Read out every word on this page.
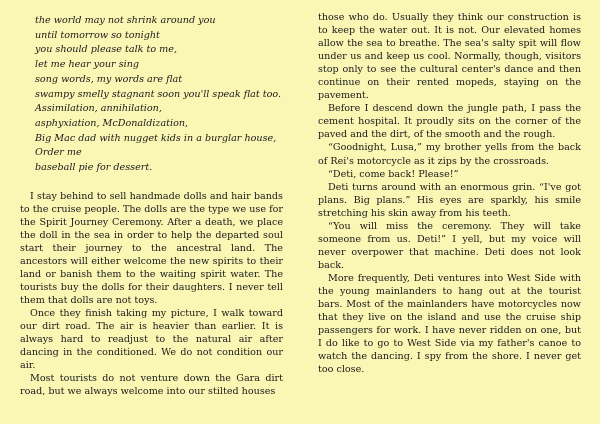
the world may not shrink around you
until tomorrow so tonight
you should please talk to me,
let me hear your sing
song words, my words are flat
swampy smelly stagnant soon you'll speak flat too.
Assimilation, annihilation,
asphyxiation, McDonaldization,
Big Mac dad with nugget kids in a burglar house,
Order me
baseball pie for dessert.

I stay behind to sell handmade dolls and hair bands to the cruise people. The dolls are the type we use for the Spirit Journey Ceremony. After a death, we place the doll in the sea in order to help the departed soul start their journey to the ancestral land. The ancestors will either welcome the new spirits to their land or banish them to the waiting spirit water. The tourists buy the dolls for their daughters. I never tell them that dolls are not toys.

Once they finish taking my picture, I walk toward our dirt road. The air is heavier than earlier. It is always hard to readjust to the natural air after dancing in the conditioned. We do not condition our air.

Most tourists do not venture down the Gara dirt road, but we always welcome into our stilted houses

those who do. Usually they think our construction is to keep the water out. It is not. Our elevated homes allow the sea to breathe. The sea's salty spit will flow under us and keep us cool. Normally, though, visitors stop only to see the cultural center's dance and then continue on their rented mopeds, staying on the pavement.

Before I descend down the jungle path, I pass the cement hospital. It proudly sits on the corner of the paved and the dirt, of the smooth and the rough.

“Goodnight, Lusa,” my brother yells from the back of Rei's motorcycle as it zips by the crossroads.

“Deti, come back! Please!”

Deti turns around with an enormous grin. “I've got plans. Big plans.” His eyes are sparkly, his smile stretching his skin away from his teeth.

“You will miss the ceremony. They will take someone from us. Deti!” I yell, but my voice will never overpower that machine. Deti does not look back.

More frequently, Deti ventures into West Side with the young mainlanders to hang out at the tourist bars. Most of the mainlanders have motorcycles now that they live on the island and use the cruise ship passengers for work. I have never ridden on one, but I do like to go to West Side via my father's canoe to watch the dancing. I spy from the shore. I never get too close.
